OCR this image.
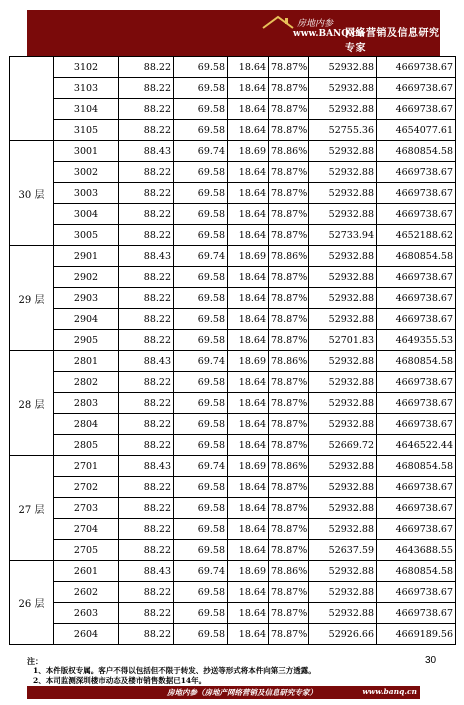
房地内参
www.BANQ.cn
网络营销及信息研究专家
	3102	88.22	69.58	18.64	78.87%	52932.88	4669738.67
	3103	88.22	69.58	18.64	78.87%	52932.88	4669738.67
	3104	88.22	69.58	18.64	78.87%	52932.88	4669738.67
	3105	88.22	69.58	18.64	78.87%	52755.36	4654077.61
30 层	3001	88.43	69.74	18.69	78.86%	52932.88	4680854.58
	3002	88.22	69.58	18.64	78.87%	52932.88	4669738.67
	3003	88.22	69.58	18.64	78.87%	52932.88	4669738.67
	3004	88.22	69.58	18.64	78.87%	52932.88	4669738.67
	3005	88.22	69.58	18.64	78.87%	52733.94	4652188.62
29 层	2901	88.43	69.74	18.69	78.86%	52932.88	4680854.58
	2902	88.22	69.58	18.64	78.87%	52932.88	4669738.67
	2903	88.22	69.58	18.64	78.87%	52932.88	4669738.67
	2904	88.22	69.58	18.64	78.87%	52932.88	4669738.67
	2905	88.22	69.58	18.64	78.87%	52701.83	4649355.53
28 层	2801	88.43	69.74	18.69	78.86%	52932.88	4680854.58
	2802	88.22	69.58	18.64	78.87%	52932.88	4669738.67
	2803	88.22	69.58	18.64	78.87%	52932.88	4669738.67
	2804	88.22	69.58	18.64	78.87%	52932.88	4669738.67
	2805	88.22	69.58	18.64	78.87%	52669.72	4646522.44
27 层	2701	88.43	69.74	18.69	78.86%	52932.88	4680854.58
	2702	88.22	69.58	18.64	78.87%	52932.88	4669738.67
	2703	88.22	69.58	18.64	78.87%	52932.88	4669738.67
	2704	88.22	69.58	18.64	78.87%	52932.88	4669738.67
	2705	88.22	69.58	18.64	78.87%	52637.59	4643688.55
26 层	2601	88.43	69.74	18.69	78.86%	52932.88	4680854.58
	2602	88.22	69.58	18.64	78.87%	52932.88	4669738.67
	2603	88.22	69.58	18.64	78.87%	52932.88	4669738.67
	2604	88.22	69.58	18.64	78.87%	52926.66	4669189.56
30
注：
1、本件版权专属。客户不得以包括但不限于转发、抄送等形式将本件向第三方透露。
2、本司监测深圳楼市动态及楼市销售数据已14年。
房地内参（房地产网络营销及信息研究专家）	www.banq.cn
